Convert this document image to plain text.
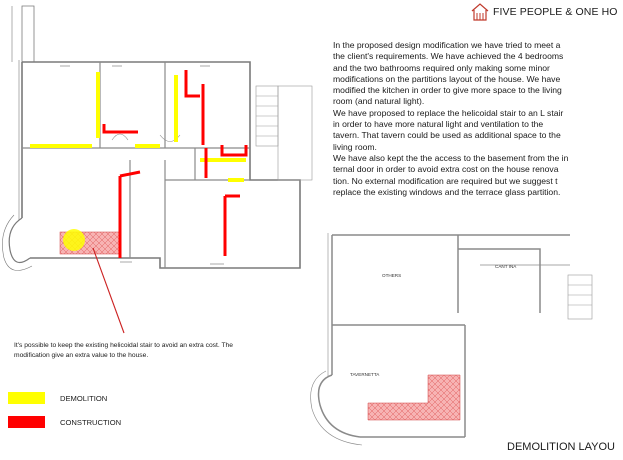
FIVE PEOPLE & ONE HO
In the proposed design modification we have tried to meet a
the client's requirements. We have achieved the 4 bedrooms
and the two bathrooms required only making some minor
modifications on the partitions layout of the house. We have
modified the kitchen in order to give more space to the living
room (and natural light).
We have proposed to replace the helicoidal stair to an L stair
in order to have more natural light and ventilation to the
tavern. That tavern could be used as additional space to the
living room.
We have also kept the the access to the basement from the in
ternal door in order to avoid extra cost on the house renova
tion. No external modification are required but we suggest t
replace the existing windows and the terrace glass partition.
OTHERS
CANT INA
TAVERNETTA
It's possible to keep the existing helicoidal stair to avoid an extra cost. The modification give an extra value to the house.
DEMOLITION
CONSTRUCTION
DEMOLITION LAYOU
